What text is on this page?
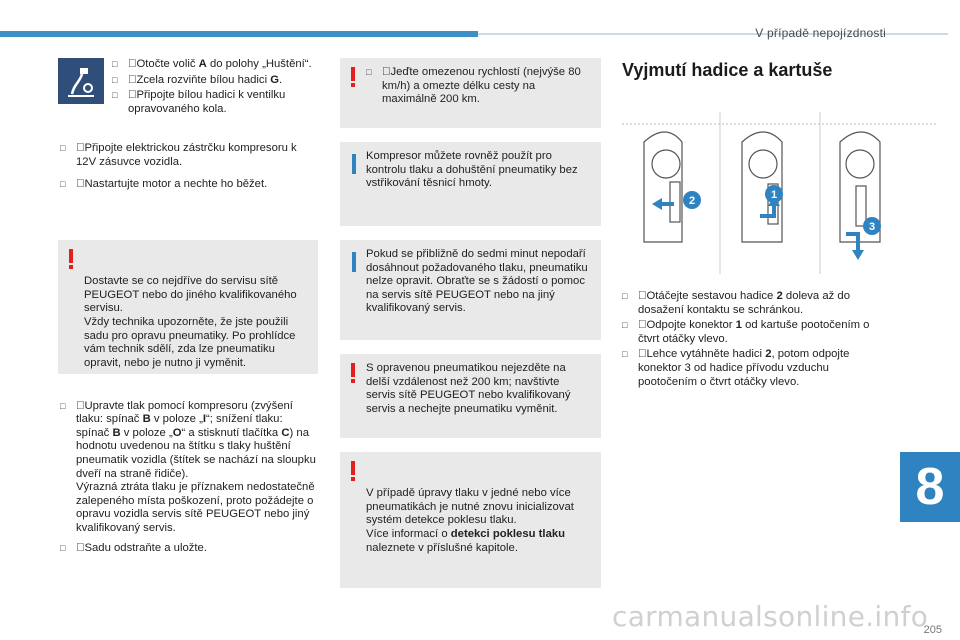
V případě nepojízdnosti
□ Otočte volič A do polohy „Huštění“.
□ Zcela rozviňte bílou hadici G.
□ Připojte bílou hadici k ventilku opravovaného kola.
□ Připojte elektrickou zástrčku kompresoru k 12V zásuvce vozidla.
□ Nastartujte motor a nechte ho běžet.

Dostavte se co nejdříve do servisu sítě PEUGEOT nebo do jiného kvalifikovaného servisu.
Vždy technika upozorněte, že jste použili sadu pro opravu pneumatiky. Po prohlídce vám technik sdělí, zda lze pneumatiku opravit, nebo je nutno ji vyměnit.

□ Upravte tlak pomocí kompresoru (zvýšení tlaku: spínač B v poloze „I“; snížení tlaku: spínač B v poloze „O“ a stisknutí tlačítka C) na hodnotu uvedenou na štítku s tlaky huštění pneumatik vozidla (štítek se nachází na sloupku dveří na straně řidiče).
Výrazná ztráta tlaku je příznakem nedostatečně zalepeného místa poškození, proto požádejte o opravu vozidla servis sítě PEUGEOT nebo jiný kvalifikovaný servis.

□ Sadu odstraňte a uložte.
□ Jeďte omezenou rychlostí (nejvýše 80 km/h) a omezte délku cesty na maximálně 200 km.
Kompresor můžete rovněž použít pro kontrolu tlaku a dohuštění pneumatiky bez vstřikování těsnicí hmoty.
Pokud se přibližně do sedmi minut nepodaří dosáhnout požadovaného tlaku, pneumatiku nelze opravit. Obraťte se s žádostí o pomoc na servis sítě PEUGEOT nebo na jiný kvalifikovaný servis.
S opravenou pneumatikou nejezděte na delší vzdálenost než 200 km; navštivte servis sítě PEUGEOT nebo kvalifikovaný servis a nechejte pneumatiku vyměnit.

V případě úpravy tlaku v jedné nebo více pneumatikách je nutné znovu inicializovat systém detekce poklesu tlaku.
Více informací o detekci poklesu tlaku naleznete v příslušné kapitole.

Vyjmutí hadice a kartuše
2	1
3
□ Otáčejte sestavou hadice 2 doleva až do dosažení kontaktu se schránkou.
□ Odpojte konektor 1 od kartuše pootočením o čtvrt otáčky vlevo.
□ Lehce vytáhněte hadici 2, potom odpojte konektor 3 od hadice přívodu vzduchu pootočením o čtvrt otáčky vlevo.
8
carmanualsonline.info
205
